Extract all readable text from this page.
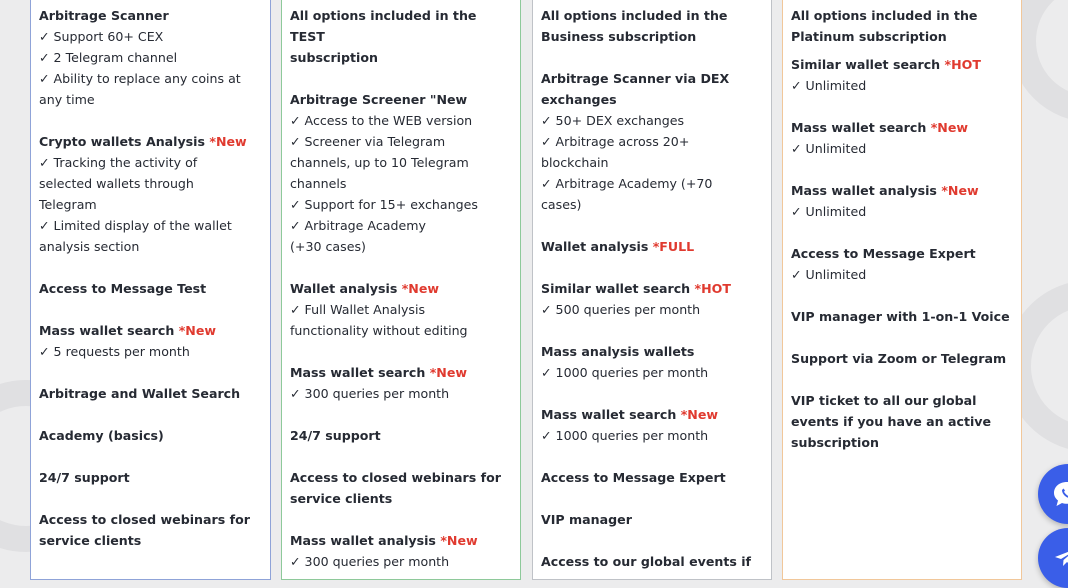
Arbitrage Scanner
✓ Support 60+ CEX
✓ 2 Telegram channel
✓ Ability to replace any coins at
any time
Crypto wallets Analysis *New
✓ Tracking the activity of
selected wallets through
Telegram
✓ Limited display of the wallet
analysis section
Access to Message Test
Mass wallet search *New
✓ 5 requests per month
Arbitrage and Wallet Search
Academy (basics)
24/7 support
Access to closed webinars for
service clients
All options included in the TEST
subscription
Arbitrage Screener "New
✓ Access to the WEB version
✓ Screener via Telegram
channels, up to 10 Telegram
channels
✓ Support for 15+ exchanges
✓ Arbitrage Academy
(+30 cases)
Wallet analysis *New
✓ Full Wallet Analysis
functionality without editing
Mass wallet search *New
✓ 300 queries per month
24/7 support
Access to closed webinars for
service clients
Mass wallet analysis *New
✓ 300 queries per month
All options included in the
Business subscription
Arbitrage Scanner via DEX
exchanges
✓ 50+ DEX exchanges
✓ Arbitrage across 20+
blockchain
✓ Arbitrage Academy (+70
cases)
Wallet analysis *FULL
Similar wallet search *HOT
✓ 500 queries per month
Mass analysis wallets
✓ 1000 queries per month
Mass wallet search *New
✓ 1000 queries per month
Access to Message Expert
VIP manager
Access to our global events if
All options included in the
Platinum subscription
Similar wallet search *HOT
✓ Unlimited
Mass wallet search *New
✓ Unlimited
Mass wallet analysis *New
✓ Unlimited
Access to Message Expert
✓ Unlimited
VIP manager with 1-on-1 Voice
Support via Zoom or Telegram
VIP ticket to all our global
events if you have an active
subscription
